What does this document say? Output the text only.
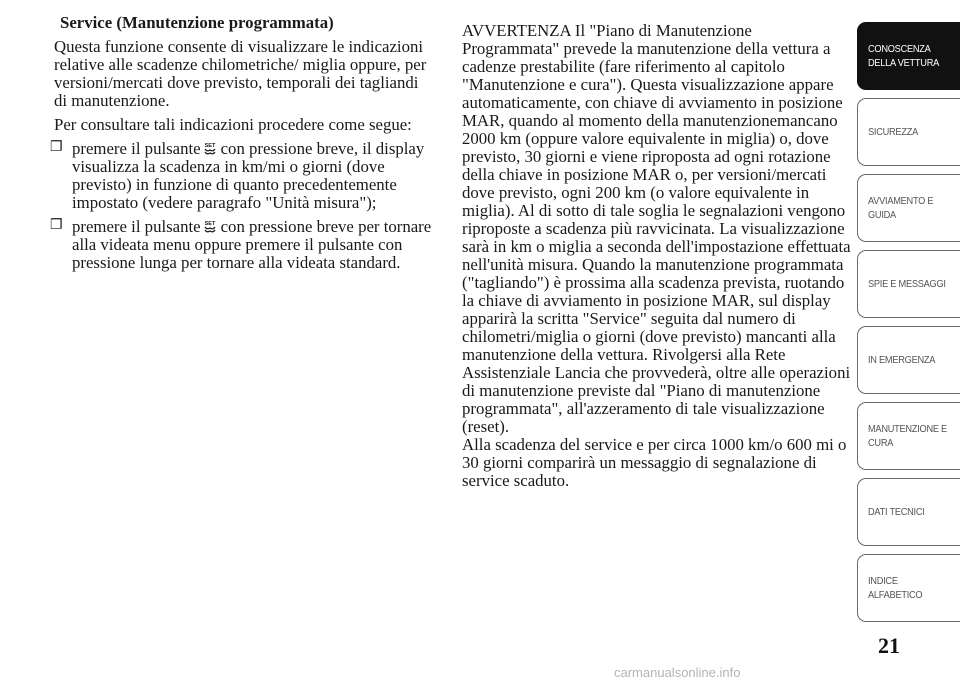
Service (Manutenzione programmata)

Questa funzione consente di visualizzare le indicazioni relative alle scadenze chilometriche/ miglia oppure, per versioni/mercati dove previsto, temporali dei tagliandi di manutenzione.

Per consultare tali indicazioni procedere come segue:

❒ premere il pulsante SET con pressione breve, il display visualizza la scadenza in km/mi o giorni (dove previsto) in funzione di quanto precedentemente impostato (vedere paragrafo "Unità misura");
❒ premere il pulsante SET con pressione breve per tornare alla videata menu oppure premere il pulsante con pressione lunga per tornare alla videata standard.

AVVERTENZA Il "Piano di Manutenzione Programmata" prevede la manutenzione della vettura a cadenze prestabilite (fare riferimento al capitolo "Manutenzione e cura"). Questa visualizzazione appare automaticamente, con chiave di avviamento in posizione MAR, quando al momento della manutenzionemancano 2000 km (oppure valore equivalente in miglia) o, dove previsto, 30 giorni e viene riproposta ad ogni rotazione della chiave in posizione MAR o, per versioni/mercati dove previsto, ogni 200 km (o valore equivalente in miglia). Al di sotto di tale soglia le segnalazioni vengono riproposte a scadenza più ravvicinata. La visualizzazione sarà in km o miglia a seconda dell'impostazione effettuata nell'unità misura. Quando la manutenzione programmata ("tagliando") è prossima alla scadenza prevista, ruotando la chiave di avviamento in posizione MAR, sul display apparirà la scritta "Service" seguita dal numero di chilometri/miglia o giorni (dove previsto) mancanti alla manutenzione della vettura. Rivolgersi alla Rete Assistenziale Lancia che provvederà, oltre alle operazioni di manutenzione previste dal "Piano di manutenzione programmata", all'azzeramento di tale visualizzazione (reset).

Alla scadenza del service e per circa 1000 km/o 600 mi o 30 giorni comparirà un messaggio di segnalazione di service scaduto.

CONOSCENZA
DELLA VETTURA
SICUREZZA
AVVIAMENTO E
GUIDA
SPIE E MESSAGGI
IN EMERGENZA
MANUTENZIONE E
CURA
DATI TECNICI
INDICE
ALFABETICO
21
carmanualsonline.info
